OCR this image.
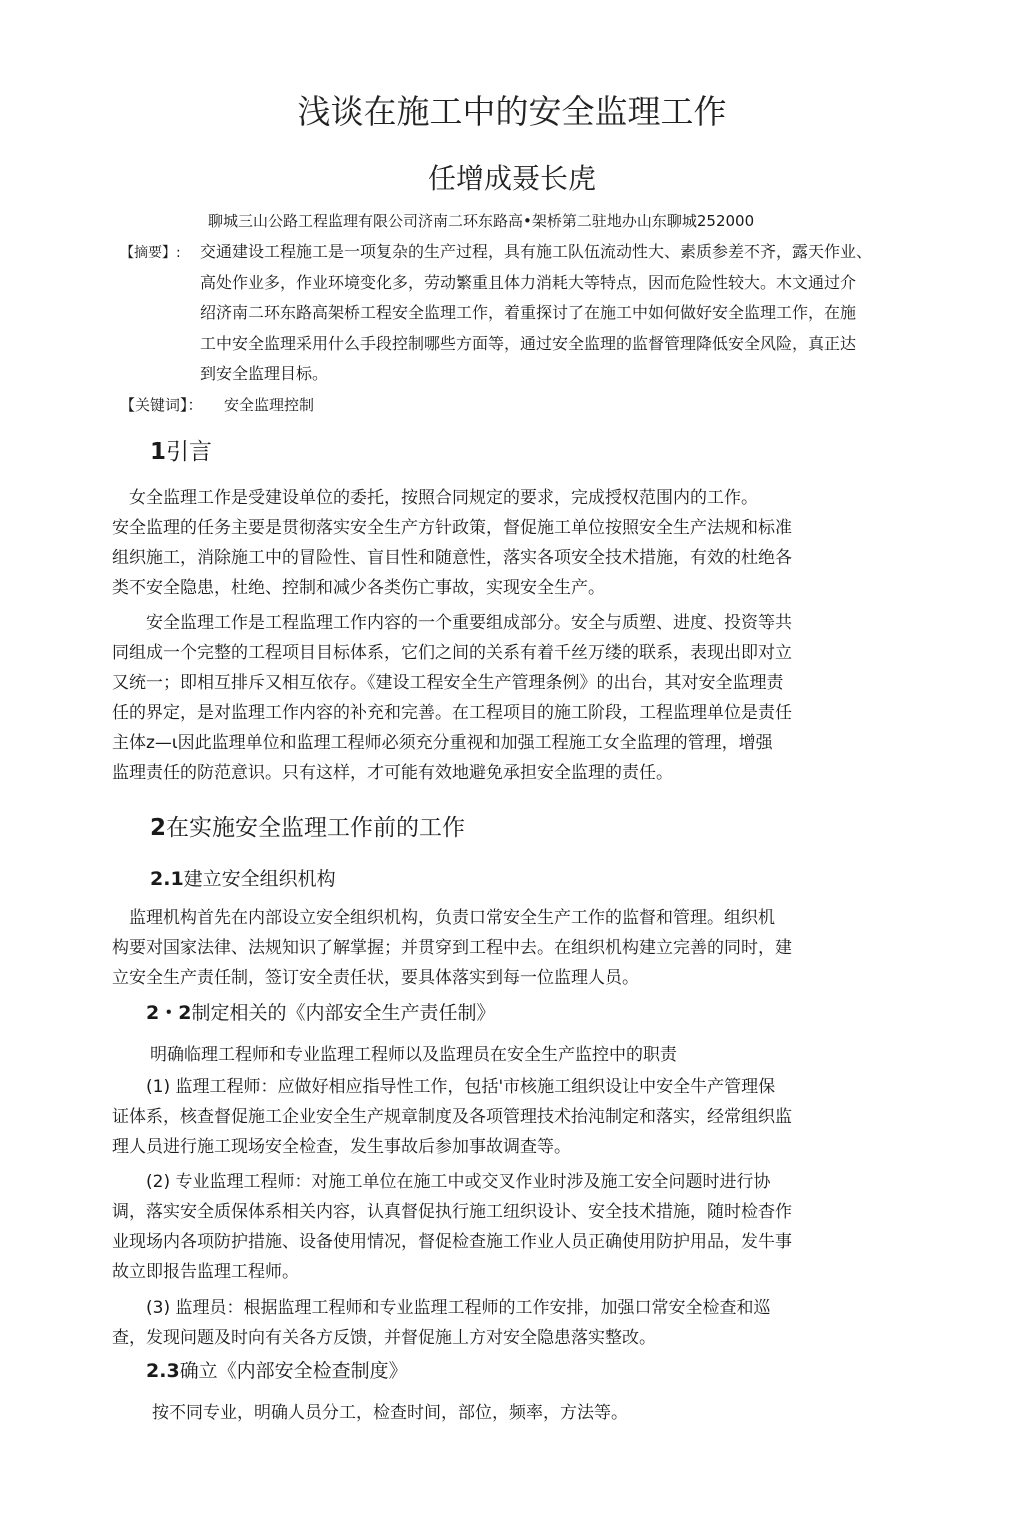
浅谈在施工中的安全监理工作
任增成聂长虎
聊城三山公路工程监理有限公司济南二环东路高•架桥第二驻地办山东聊城252000
【摘要】: 交通建设工程施工是一项复杂的生产过程，具有施工队伍流动性大、素质参差不齐，露天作业、

高处作业多，作业环境变化多，劳动繁重且体力消耗大等特点，因而危险性较大。木文通过介

绍济南二环东路高架桥工程安全监理工作，着重探讨了在施工中如何做好安全监理工作，在施

工中安全监理采用什么手段控制哪些方面等，通过安全监理的监督管理降低安全风险，真正达

到安全监理目标。

【关键词】： 安全监理控制
1引言

　女全监理工作是受建设单位的委托，按照合同规定的要求，完成授权范围内的工作。

安全监理的任务主要是贯彻落实安全生产方针政策，督促施工单位按照安全生产法规和标准

组织施工，消除施工中的冒险性、盲目性和随意性，落实各项安全技术措施，有效的杜绝各

类不安全隐患，杜绝、控制和减少各类伤亡事故，实现安全生产。

　　安全监理工作是工程监理工作内容的一个重要组成部分。安全与质塑、进度、投资等共

同组成一个完整的工程项目目标体系，它们之间的关系有着千丝万缕的联系，表现出即对立

又统一；即相互排斥又相互依存。《建设工程安全生产管理条例》的出台，其对安全监理责

任的界定，是对监理工作内容的补充和完善。在工程项目的施工阶段，工程监理单位是责任

主体z—ι因此监理单位和监理工程师必须充分重视和加强工程施工女全监理的管理，增强

监理责任的防范意识。只有这样，才可能有效地避免承担安全监理的责任。

2在实施安全监理工作前的工作
2.1建立安全组织机构

　监理机构首先在内部设立安全组织机构，负责口常安全生产工作的监督和管理。组织机

构要对国家法律、法规知识了解掌握；并贯穿到工程中去。在组织机构建立完善的同时，建

立安全生产责任制，签订安全责任状，要具体落实到每一位监理人员。

2・2制定相关的《内部安全生产责任制》

明确临理工程师和专业监理工程师以及监理员在安全生产监控中的职责

　　(1) 监理工程师：应做好相应指导性工作，包括'市核施工组织设让中安全牛产管理保

证体系，核查督促施工企业安全生产规章制度及各项管理技术抬沌制定和落实，经常组织监

理人员进行施工现场安全检查，发生事故后参加事故调查等。

　　(2) 专业监理工程师：对施工单位在施工中或交叉作业时涉及施工安全问题时进行协

调，落实安全质保体系相关内容，认真督促执行施工纽织设讣、安全技术措施，随时检杳作

业现场内各项防护措施、设备使用情况，督促检查施工作业人员正确使用防护用品，发牛事

故立即报告监理工程师。

　　(3) 监理员：根据监理工程师和专业监理工程师的工作安排，加强口常安全检查和巡

查，发现问题及时向有关各方反馈，并督促施丄方对安全隐患落实整改。

2.3确立《内部安全检查制度》

按不同专业，明确人员分工，检查时间，部位，频率，方法等。
